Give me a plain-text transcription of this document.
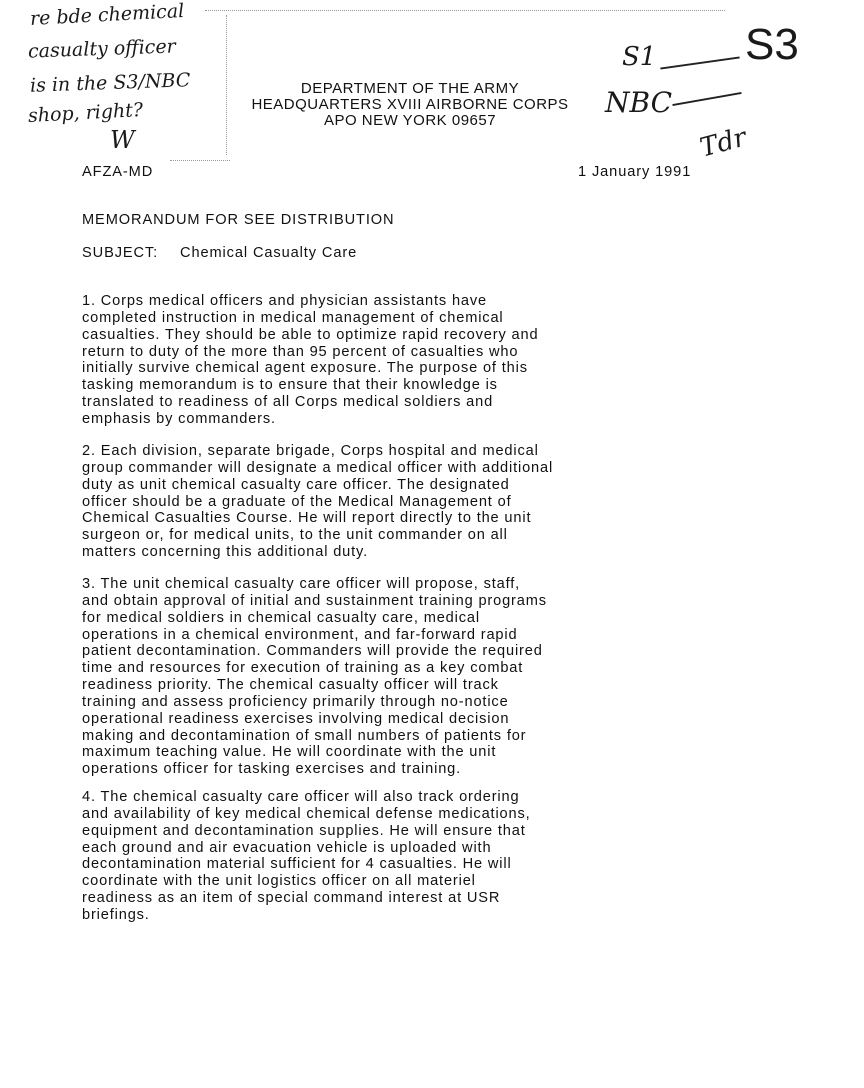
re bde chemical
casualty officer
is in the S3/NBC
shop, right?
W
S1 S3
NBC
Tdr
DEPARTMENT OF THE ARMY
HEADQUARTERS XVIII AIRBORNE CORPS
APO NEW YORK 09657
AFZA-MD	1 January 1991
MEMORANDUM FOR SEE DISTRIBUTION
SUBJECT: Chemical Casualty Care
1. Corps medical officers and physician assistants have
completed instruction in medical management of chemical
casualties. They should be able to optimize rapid recovery and
return to duty of the more than 95 percent of casualties who
initially survive chemical agent exposure. The purpose of this
tasking memorandum is to ensure that their knowledge is
translated to readiness of all Corps medical soldiers and
emphasis by commanders.
2. Each division, separate brigade, Corps hospital and medical
group commander will designate a medical officer with additional
duty as unit chemical casualty care officer. The designated
officer should be a graduate of the Medical Management of
Chemical Casualties Course. He will report directly to the unit
surgeon or, for medical units, to the unit commander on all
matters concerning this additional duty.
3. The unit chemical casualty care officer will propose, staff,
and obtain approval of initial and sustainment training programs
for medical soldiers in chemical casualty care, medical
operations in a chemical environment, and far-forward rapid
patient decontamination. Commanders will provide the required
time and resources for execution of training as a key combat
readiness priority. The chemical casualty officer will track
training and assess proficiency primarily through no-notice
operational readiness exercises involving medical decision
making and decontamination of small numbers of patients for
maximum teaching value. He will coordinate with the unit
operations officer for tasking exercises and training.
4. The chemical casualty care officer will also track ordering
and availability of key medical chemical defense medications,
equipment and decontamination supplies. He will ensure that
each ground and air evacuation vehicle is uploaded with
decontamination material sufficient for 4 casualties. He will
coordinate with the unit logistics officer on all materiel
readiness as an item of special command interest at USR
briefings.
